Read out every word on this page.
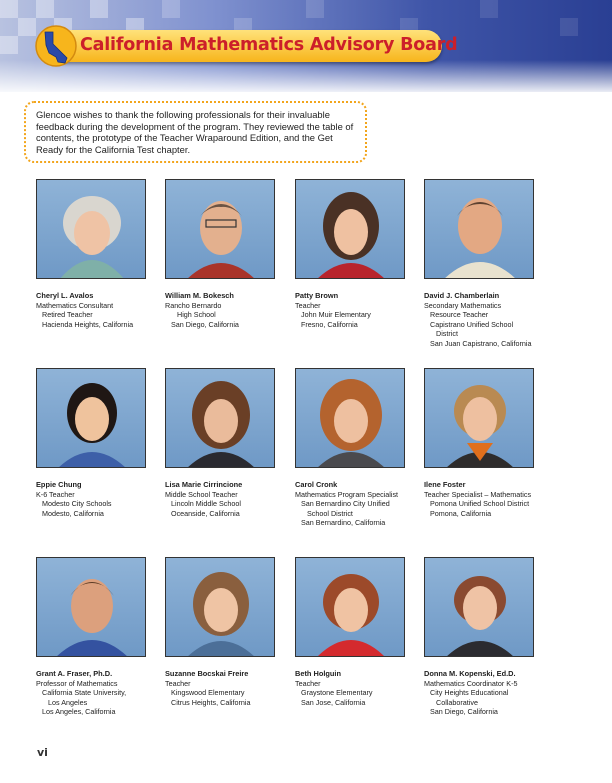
California Mathematics Advisory Board

Glencoe wishes to thank the following professionals for their invaluable feedback during the development of the program. They reviewed the table of contents, the prototype of the Teacher Wraparound Edition, and the Get Ready for the California Test chapter.

Cheryl L. Avalos
Mathematics Consultant
Retired Teacher
Hacienda Heights, California
William M. Bokesch
Rancho Bernardo
High School
San Diego, California
Patty Brown
Teacher
John Muir Elementary
Fresno, California
David J. Chamberlain
Secondary Mathematics
Resource Teacher
Capistrano Unified School
District
San Juan Capistrano, California
Eppie Chung
K-6 Teacher
Modesto City Schools
Modesto, California
Lisa Marie Cirrincione
Middle School Teacher
Lincoln Middle School
Oceanside, California
Carol Cronk
Mathematics Program Specialist
San Bernardino City Unified
School District
San Bernardino, California
Ilene Foster
Teacher Specialist – Mathematics
Pomona Unified School District
Pomona, California
Grant A. Fraser, Ph.D.
Professor of Mathematics
California State University,
Los Angeles
Los Angeles, California
Suzanne Bocskai Freire
Teacher
Kingswood Elementary
Citrus Heights, California
Beth Holguin
Teacher
Graystone Elementary
San Jose, California
Donna M. Kopenski, Ed.D.
Mathematics Coordinator K-5
City Heights Educational
Collaborative
San Diego, California
vi
